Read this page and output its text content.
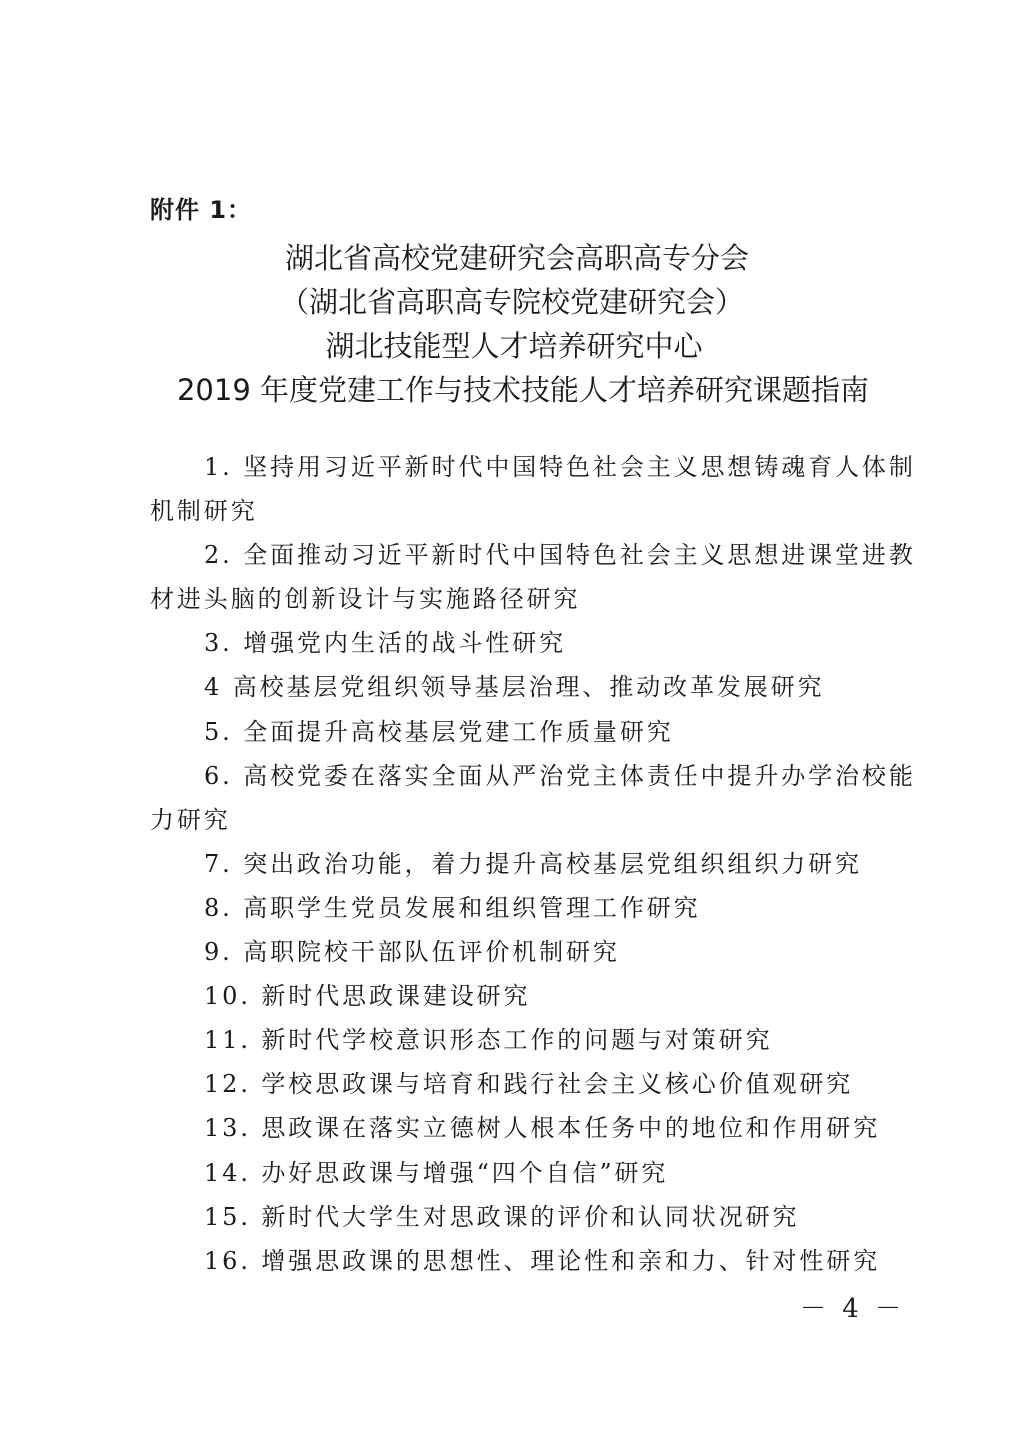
附件 1：
湖北省高校党建研究会高职高专分会
（湖北省高职高专院校党建研究会）
湖北技能型人才培养研究中心
2019 年度党建工作与技术技能人才培养研究课题指南
1. 坚持用习近平新时代中国特色社会主义思想铸魂育人体制
机制研究
2. 全面推动习近平新时代中国特色社会主义思想进课堂进教
材进头脑的创新设计与实施路径研究
3. 增强党内生活的战斗性研究
4 高校基层党组织领导基层治理、推动改革发展研究
5. 全面提升高校基层党建工作质量研究
6. 高校党委在落实全面从严治党主体责任中提升办学治校能
力研究
7. 突出政治功能，着力提升高校基层党组织组织力研究
8. 高职学生党员发展和组织管理工作研究
9. 高职院校干部队伍评价机制研究
10. 新时代思政课建设研究
11. 新时代学校意识形态工作的问题与对策研究
12. 学校思政课与培育和践行社会主义核心价值观研究
13. 思政课在落实立德树人根本任务中的地位和作用研究
14. 办好思政课与增强“四个自信”研究
15. 新时代大学生对思政课的评价和认同状况研究
16. 增强思政课的思想性、理论性和亲和力、针对性研究
－ 4 －
